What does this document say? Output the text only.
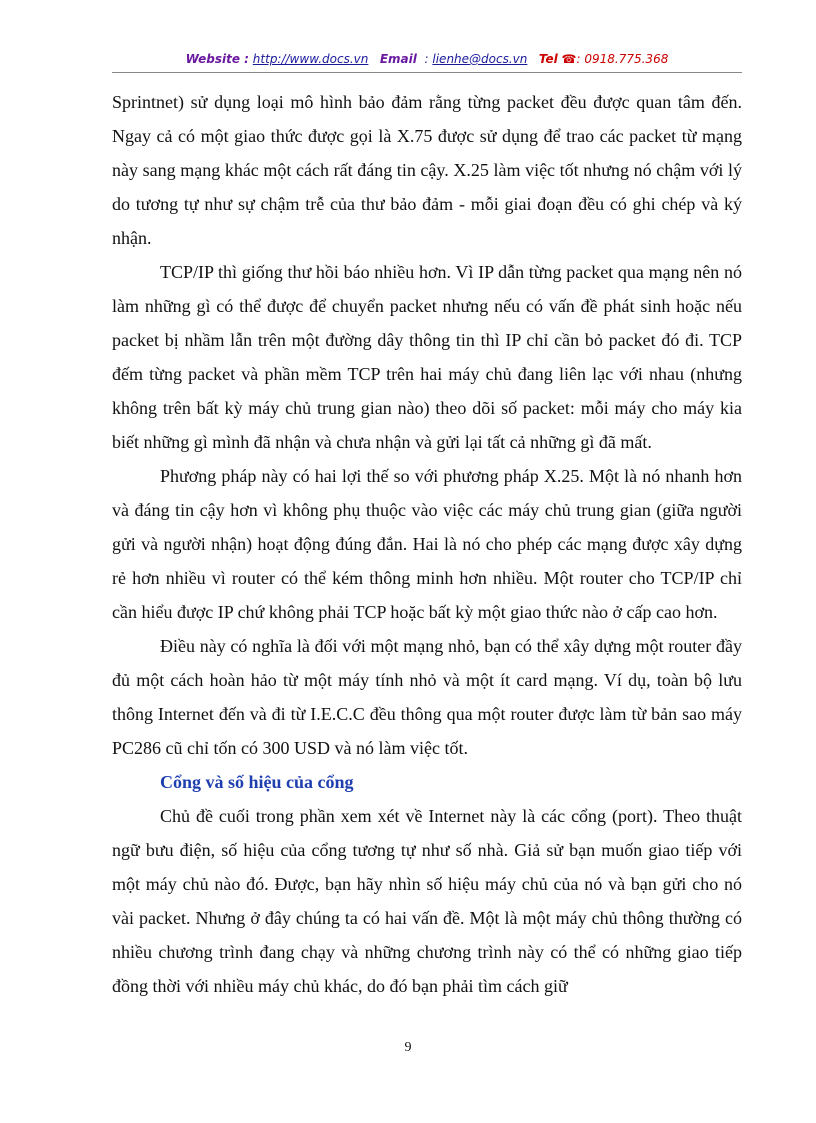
Website : http://www.docs.vn Email : lienhe@docs.vn Tel ☎: 0918.775.368

Sprintnet) sử dụng loại mô hình bảo đảm rằng từng packet đều được quan tâm đến. Ngay cả có một giao thức được gọi là X.75 được sử dụng để trao các packet từ mạng này sang mạng khác một cách rất đáng tin cậy. X.25 làm việc tốt nhưng nó chậm với lý do tương tự như sự chậm trễ của thư bảo đảm - mỗi giai đoạn đều có ghi chép và ký nhận.

TCP/IP thì giống thư hồi báo nhiều hơn. Vì IP dẫn từng packet qua mạng nên nó làm những gì có thể được để chuyển packet nhưng nếu có vấn đề phát sinh hoặc nếu packet bị nhầm lẫn trên một đường dây thông tin thì IP chỉ cần bỏ packet đó đi. TCP đếm từng packet và phần mềm TCP trên hai máy chủ đang liên lạc với nhau (nhưng không trên bất kỳ máy chủ trung gian nào) theo dõi số packet: mỗi máy cho máy kia biết những gì mình đã nhận và chưa nhận và gửi lại tất cả những gì đã mất.

Phương pháp này có hai lợi thế so với phương pháp X.25. Một là nó nhanh hơn và đáng tin cậy hơn vì không phụ thuộc vào việc các máy chủ trung gian (giữa người gửi và người nhận) hoạt động đúng đắn. Hai là nó cho phép các mạng được xây dựng rẻ hơn nhiều vì router có thể kém thông minh hơn nhiều. Một router cho TCP/IP chỉ cần hiểu được IP chứ không phải TCP hoặc bất kỳ một giao thức nào ở cấp cao hơn.

Điều này có nghĩa là đối với một mạng nhỏ, bạn có thể xây dựng một router đầy đủ một cách hoàn hảo từ một máy tính nhỏ và một ít card mạng. Ví dụ, toàn bộ lưu thông Internet đến và đi từ I.E.C.C đều thông qua một router được làm từ bản sao máy PC286 cũ chỉ tốn có 300 USD và nó làm việc tốt.

Cổng và số hiệu của cổng

Chủ đề cuối trong phần xem xét về Internet này là các cổng (port). Theo thuật ngữ bưu điện, số hiệu của cổng tương tự như số nhà. Giả sử bạn muốn giao tiếp với một máy chủ nào đó. Được, bạn hãy nhìn số hiệu máy chủ của nó và bạn gửi cho nó vài packet. Nhưng ở đây chúng ta có hai vấn đề. Một là một máy chủ thông thường có nhiều chương trình đang chạy và những chương trình này có thể có những giao tiếp đồng thời với nhiều máy chủ khác, do đó bạn phải tìm cách giữ

9
